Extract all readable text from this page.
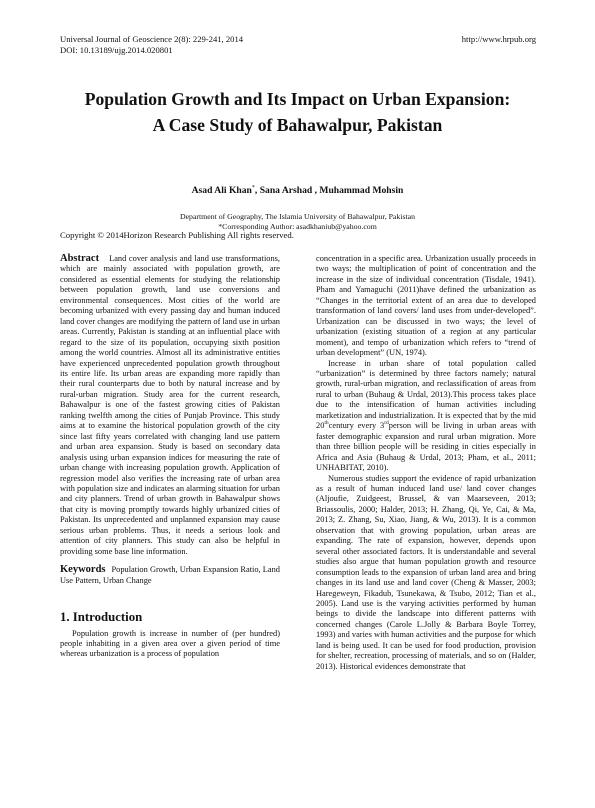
Universal Journal of Geoscience 2(8): 229-241, 2014
DOI: 10.13189/ujg.2014.020801
http://www.hrpub.org
Population Growth and Its Impact on Urban Expansion:
A Case Study of Bahawalpur, Pakistan
Asad Ali Khan*, Sana Arshad , Muhammad Mohsin
Department of Geography, The Islamia University of Bahawalpur, Pakistan
*Corresponding Author: asadkhaniub@yahoo.com
Copyright © 2014Horizon Research Publishing All rights reserved.

Abstract Land cover analysis and land use transformations, which are mainly associated with population growth, are considered as essential elements for studying the relationship between population growth, land use conversions and environmental consequences. Most cities of the world are becoming urbanized with every passing day and human induced land cover changes are modifying the pattern of land use in urban areas. Currently, Pakistan is standing at an influential place with regard to the size of its population, occupying sixth position among the world countries. Almost all its administrative entities have experienced unprecedented population growth throughout its entire life. Its urban areas are expanding more rapidly than their rural counterparts due to both by natural increase and by rural-urban migration. Study area for the current research, Bahawalpur is one of the fastest growing cities of Pakistan ranking twelfth among the cities of Punjab Province. This study aims at to examine the historical population growth of the city since last fifty years correlated with changing land use pattern and urban area expansion. Study is based on secondary data analysis using urban expansion indices for measuring the rate of urban change with increasing population growth. Application of regression model also verifies the increasing rate of urban area with population size and indicates an alarming situation for urban and city planners. Trend of urban growth in Bahawalpur shows that city is moving promptly towards highly urbanized cities of Pakistan. Its unprecedented and unplanned expansion may cause serious urban problems. Thus, it needs a serious look and attention of city planners. This study can also be helpful in providing some base line information.

Keywords Population Growth, Urban Expansion Ratio, Land Use Pattern, Urban Change

1. Introduction

Population growth is increase in number of (per hundred) people inhabiting in a given area over a given period of time whereas urbanization is a process of population

concentration in a specific area. Urbanization usually proceeds in two ways; the multiplication of point of concentration and the increase in the size of individual concentration (Tisdale, 1941). Pham and Yamaguchi (2011)have defined the urbanization as “Changes in the territorial extent of an area due to developed transformation of land covers/ land uses from under-developed”. Urbanization can be discussed in two ways; the level of urbanization (existing situation of a region at any particular moment), and tempo of urbanization which refers to “trend of urban development” (UN, 1974).

Increase in urban share of total population called “urbanization” is determined by three factors namely; natural growth, rural-urban migration, and reclassification of areas from rural to urban (Buhaug & Urdal, 2013).This process takes place due to the intensification of human activities including marketization and industrialization. It is expected that by the mid 20thcentury every 3rdperson will be living in urban areas with faster demographic expansion and rural urban migration. More than three billion people will be residing in cities especially in Africa and Asia (Buhaug & Urdal, 2013; Pham, et al., 2011; UNHABITAT, 2010).

Numerous studies support the evidence of rapid urbanization as a result of human induced land use/ land cover changes (Aljoufie, Zuidgeest, Brussel, & van Maarseveen, 2013; Briassoulis, 2000; Halder, 2013; H. Zhang, Qi, Ye, Cai, & Ma, 2013; Z. Zhang, Su, Xiao, Jiang, & Wu, 2013). It is a common observation that with growing population, urban areas are expanding. The rate of expansion, however, depends upon several other associated factors. It is understandable and several studies also argue that human population growth and resource consumption leads to the expansion of urban land area and bring changes in its land use and land cover (Cheng & Masser, 2003; Haregeweyn, Fikadub, Tsunekawa, & Tsubo, 2012; Tian et al., 2005). Land use is the varying activities performed by human beings to divide the landscape into different patterns with concerned changes (Carole L.Jolly & Barbara Boyle Torrey, 1993) and varies with human activities and the purpose for which land is being used. It can be used for food production, provision for shelter, recreation, processing of materials, and so on (Halder, 2013). Historical evidences demonstrate that
